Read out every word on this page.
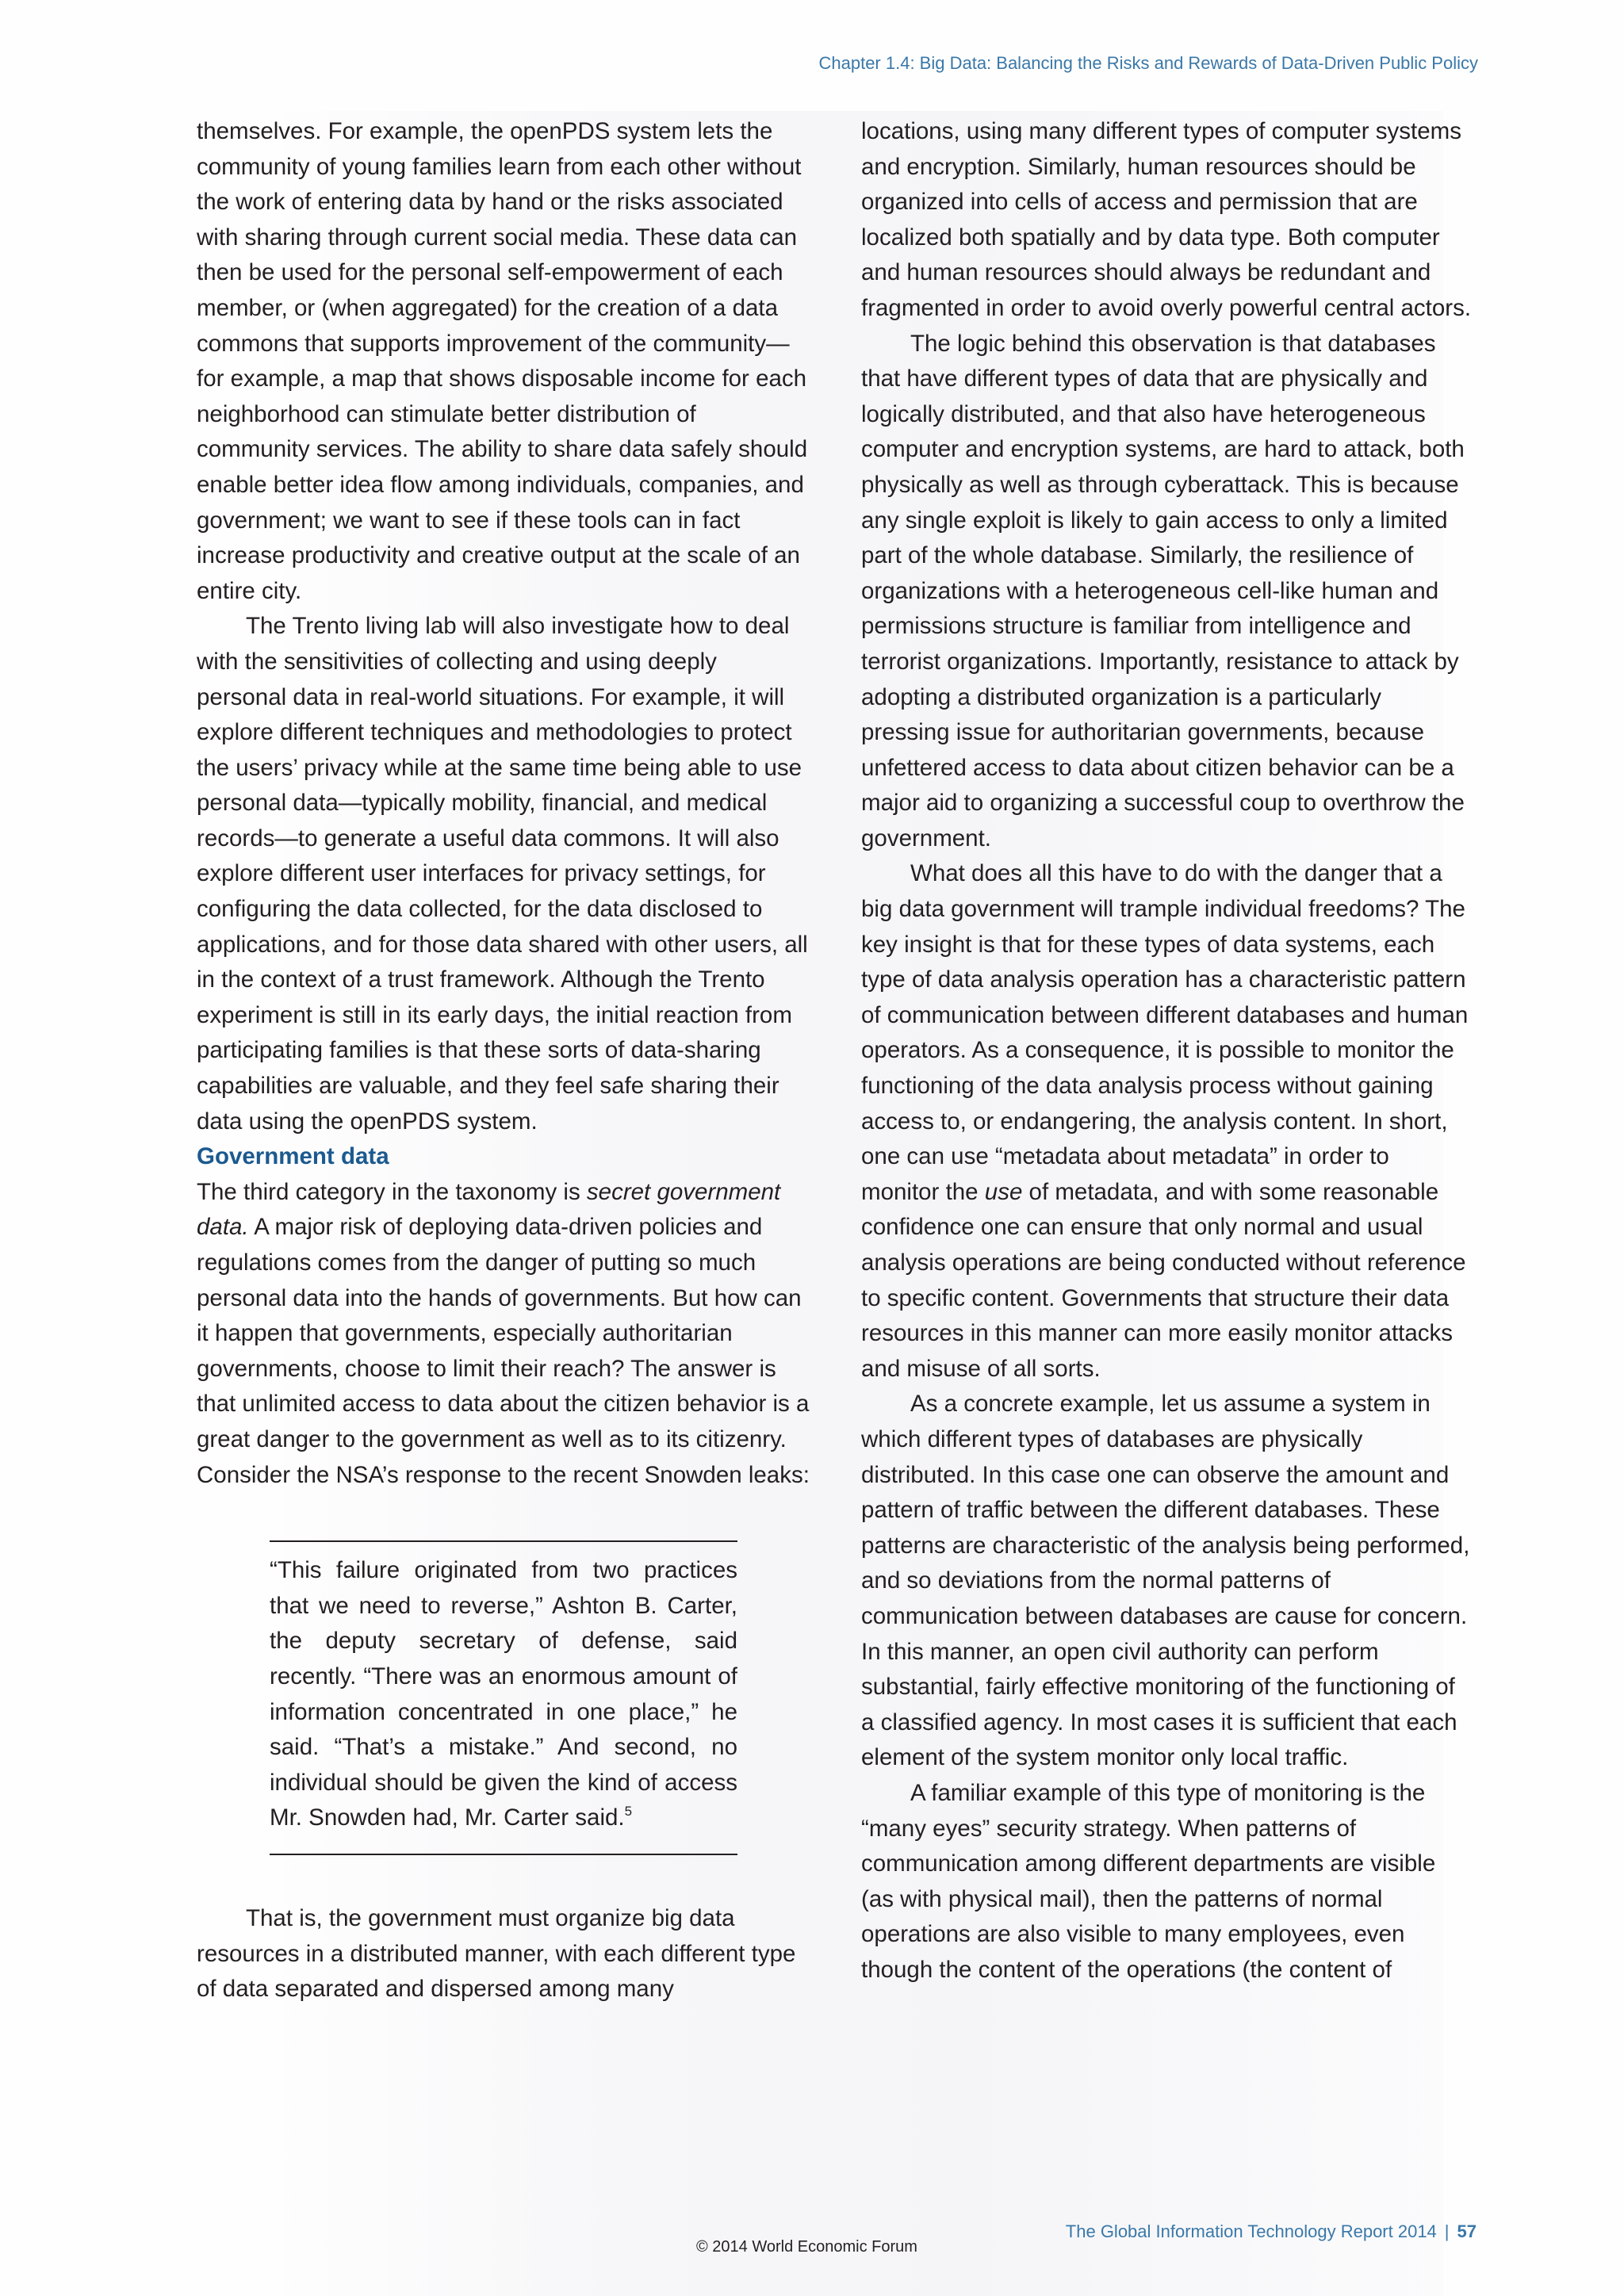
Chapter 1.4: Big Data: Balancing the Risks and Rewards of Data-Driven Public Policy

themselves. For example, the openPDS system lets the community of young families learn from each other without the work of entering data by hand or the risks associated with sharing through current social media. These data can then be used for the personal self-empowerment of each member, or (when aggregated) for the creation of a data commons that supports improvement of the community—for example, a map that shows disposable income for each neighborhood can stimulate better distribution of community services. The ability to share data safely should enable better idea flow among individuals, companies, and government; we want to see if these tools can in fact increase productivity and creative output at the scale of an entire city.

The Trento living lab will also investigate how to deal with the sensitivities of collecting and using deeply personal data in real-world situations. For example, it will explore different techniques and methodologies to protect the users’ privacy while at the same time being able to use personal data—typically mobility, financial, and medical records—to generate a useful data commons. It will also explore different user interfaces for privacy settings, for configuring the data collected, for the data disclosed to applications, and for those data shared with other users, all in the context of a trust framework. Although the Trento experiment is still in its early days, the initial reaction from participating families is that these sorts of data-sharing capabilities are valuable, and they feel safe sharing their data using the openPDS system.

Government data

The third category in the taxonomy is secret government data. A major risk of deploying data-driven policies and regulations comes from the danger of putting so much personal data into the hands of governments. But how can it happen that governments, especially authoritarian governments, choose to limit their reach? The answer is that unlimited access to data about the citizen behavior is a great danger to the government as well as to its citizenry. Consider the NSA’s response to the recent Snowden leaks:

“This failure originated from two practices that we need to reverse,” Ashton B. Carter, the deputy secretary of defense, said recently. “There was an enormous amount of information concentrated in one place,” he said. “That’s a mistake.” And second, no individual should be given the kind of access Mr. Snowden had, Mr. Carter said.$^5$

That is, the government must organize big data resources in a distributed manner, with each different type of data separated and dispersed among many

locations, using many different types of computer systems and encryption. Similarly, human resources should be organized into cells of access and permission that are localized both spatially and by data type. Both computer and human resources should always be redundant and fragmented in order to avoid overly powerful central actors.

The logic behind this observation is that databases that have different types of data that are physically and logically distributed, and that also have heterogeneous computer and encryption systems, are hard to attack, both physically as well as through cyberattack. This is because any single exploit is likely to gain access to only a limited part of the whole database. Similarly, the resilience of organizations with a heterogeneous cell-like human and permissions structure is familiar from intelligence and terrorist organizations. Importantly, resistance to attack by adopting a distributed organization is a particularly pressing issue for authoritarian governments, because unfettered access to data about citizen behavior can be a major aid to organizing a successful coup to overthrow the government.

What does all this have to do with the danger that a big data government will trample individual freedoms? The key insight is that for these types of data systems, each type of data analysis operation has a characteristic pattern of communication between different databases and human operators. As a consequence, it is possible to monitor the functioning of the data analysis process without gaining access to, or endangering, the analysis content. In short, one can use “metadata about metadata” in order to monitor the use of metadata, and with some reasonable confidence one can ensure that only normal and usual analysis operations are being conducted without reference to specific content. Governments that structure their data resources in this manner can more easily monitor attacks and misuse of all sorts.

As a concrete example, let us assume a system in which different types of databases are physically distributed. In this case one can observe the amount and pattern of traffic between the different databases. These patterns are characteristic of the analysis being performed, and so deviations from the normal patterns of communication between databases are cause for concern. In this manner, an open civil authority can perform substantial, fairly effective monitoring of the functioning of a classified agency. In most cases it is sufficient that each element of the system monitor only local traffic.

A familiar example of this type of monitoring is the “many eyes” security strategy. When patterns of communication among different departments are visible (as with physical mail), then the patterns of normal operations are also visible to many employees, even though the content of the operations (the content of

© 2014 World Economic Forum
The Global Information Technology Report 2014 | 57
